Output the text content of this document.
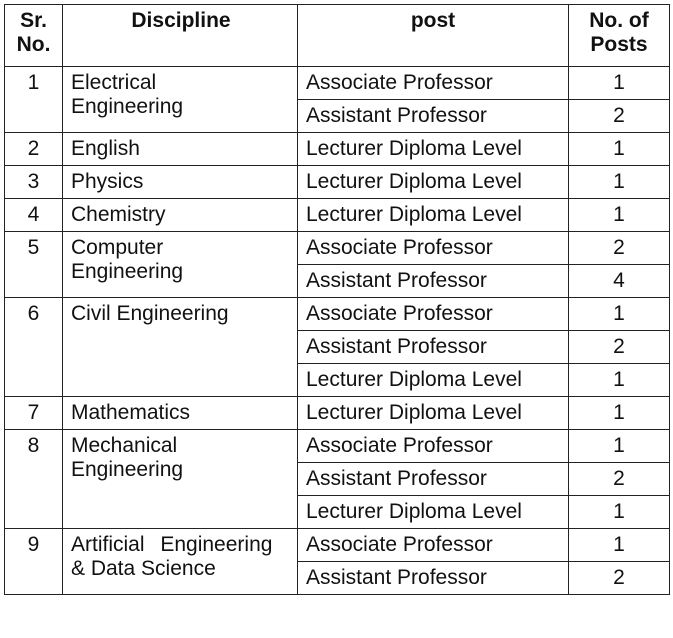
Sr.
No.	Discipline	post	No. of
Posts
1	Electrical
Engineering	Associate Professor	1
		Assistant Professor	2
2	English	Lecturer Diploma Level	1
3	Physics	Lecturer Diploma Level	1
4	Chemistry	Lecturer Diploma Level	1
5	Computer
Engineering	Associate Professor	2
		Assistant Professor	4
6	Civil Engineering	Associate Professor	1
		Assistant Professor	2
		Lecturer Diploma Level	1
7	Mathematics	Lecturer Diploma Level	1
8	Mechanical
Engineering	Associate Professor	1
		Assistant Professor	2
		Lecturer Diploma Level	1
9	Artificial Engineering
& Data Science	Associate Professor	1
		Assistant Professor	2
